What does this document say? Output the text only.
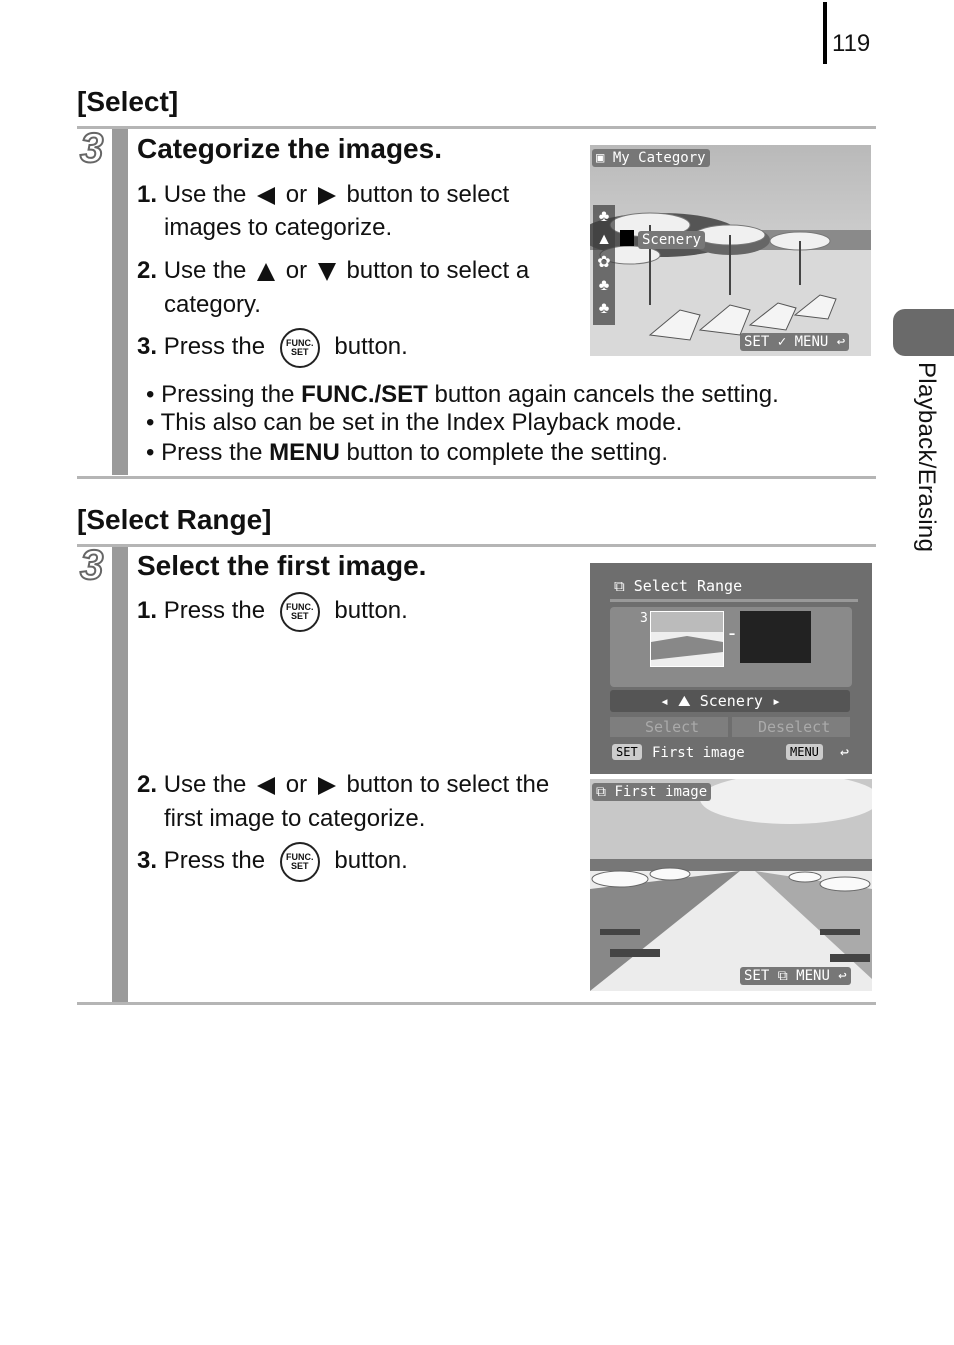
119
Playback/Erasing
[Select]
3 Categorize the images.
1. Use the or button to select
images to categorize.
2. Use the or button to select a
category.
3. Press the FUNC.
SET button.
• Pressing the FUNC./SET button again cancels the setting.
• This also can be set in the Index Playback mode.
• Press the MENU button to complete the setting.
▣ My Category
Scenery
♣
▲
✿
♣
♣
SET ✓ MENU ↩
[Select Range]
3 Select the first image.
1. Press the FUNC.
SET button.
2. Use the or button to select the
first image to categorize.
3. Press the FUNC.
SET button.
⧉ Select Range
3
-
◂ ⛰ Scenery ▸
Select	Deselect
SET First image	MENU ↩
⧉ First image
SET ⧉ MENU ↩
